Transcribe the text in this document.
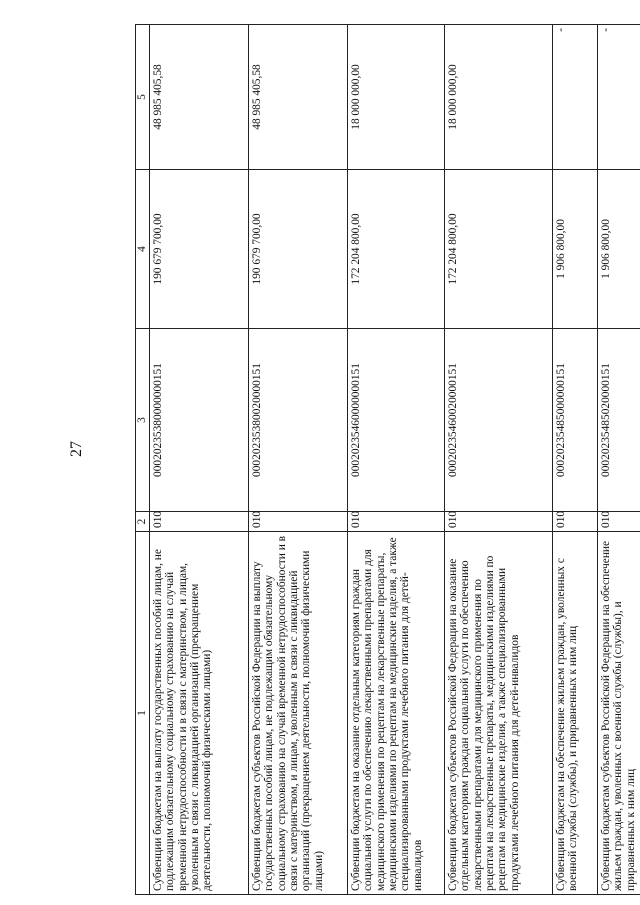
27
1	2	3	4	5
Субвенции бюджетам на выплату государственных пособий лицам, не подлежащим обязательному социальному страхованию на случай временной нетрудоспособности и в связи с материнством, и лицам, уволенным в связи с ликвидацией организаций (прекращением деятельности, полномочий физическими лицами)	010	00020235380000000151	190 679 700,00	48 985 405,58
Субвенции бюджетам субъектов Российской Федерации на выплату государственных пособий лицам, не подлежащим обязательному социальному страхованию на случай временной нетрудоспособности и в связи с материнством, и лицам, уволенным в связи с ликвидацией организаций (прекращением деятельности, полномочий физическими лицами)	010	00020235380020000151	190 679 700,00	48 985 405,58
Субвенции бюджетам на оказание отдельным категориям граждан социальной услуги по обеспечению лекарственными препаратами для медицинского применения по рецептам на лекарственные препараты, медицинскими изделиями по рецептам на медицинские изделия, а также специализированными продуктами лечебного питания для детей-инвалидов	010	00020235460000000151	172 204 800,00	18 000 000,00
Субвенции бюджетам субъектов Российской Федерации на оказание отдельным категориям граждан социальной услуги по обеспечению лекарственными препаратами для медицинского применения по рецептам на лекарственные препараты, медицинскими изделиями по рецептам на медицинские изделия, а также специализированными продуктами лечебного питания для детей-инвалидов	010	00020235460020000151	172 204 800,00	18 000 000,00
Субвенции бюджетам на обеспечение жильем граждан, уволенных с военной службы (службы), и приравненных к ним лиц	010	00020235485000000151	1 906 800,00	-
Субвенции бюджетам субъектов Российской Федерации на обеспечение жильем граждан, уволенных с военной службы (службы), и приравненных к ним лиц	010	00020235485020000151	1 906 800,00	-
